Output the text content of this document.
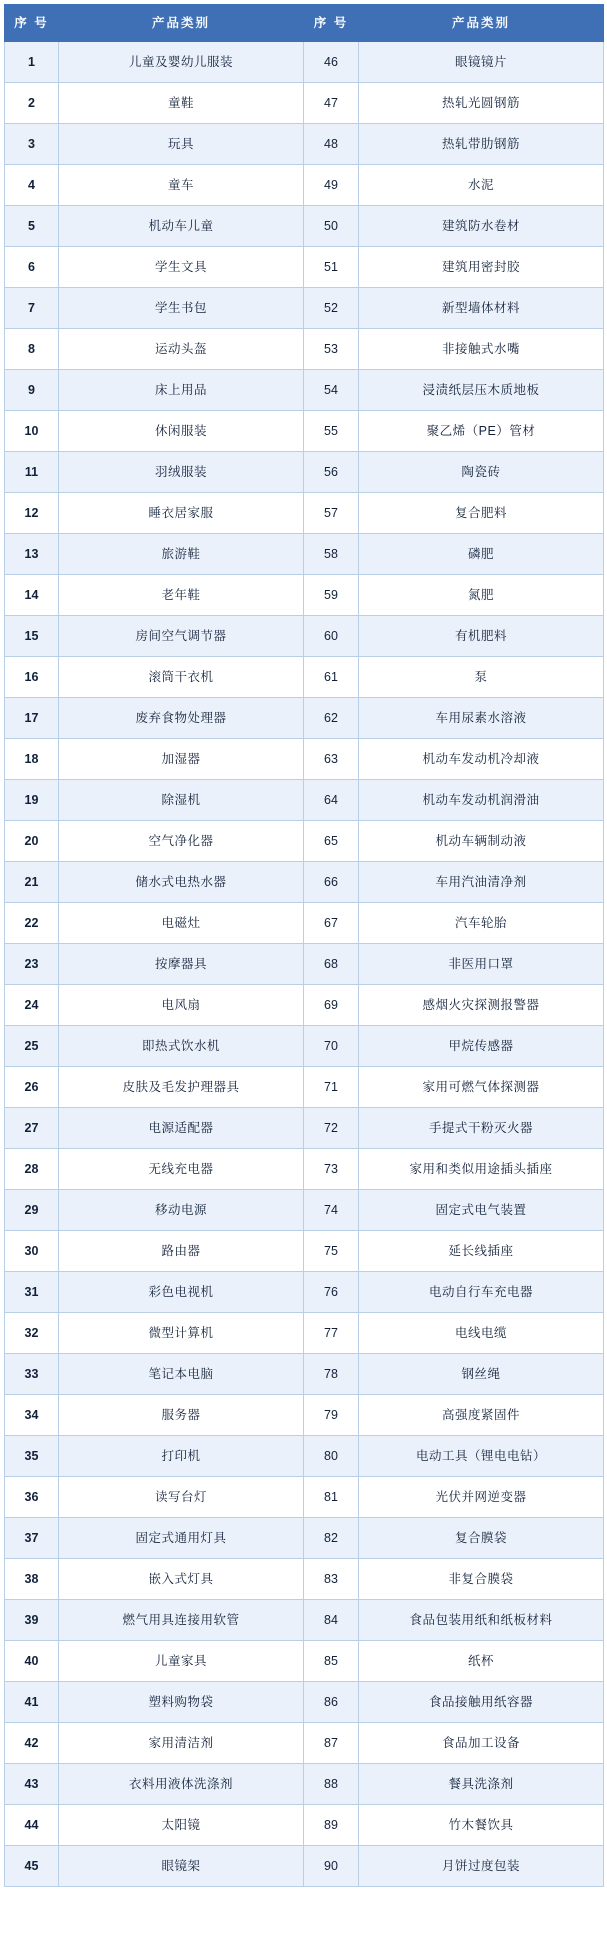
序 号	产品类别	序 号	产品类别
1	儿童及婴幼儿服装	46	眼镜镜片
2	童鞋	47	热轧光圆钢筋
3	玩具	48	热轧带肋钢筋
4	童车	49	水泥
5	机动车儿童	50	建筑防水卷材
6	学生文具	51	建筑用密封胶
7	学生书包	52	新型墙体材料
8	运动头盔	53	非接触式水嘴
9	床上用品	54	浸渍纸层压木质地板
10	休闲服装	55	聚乙烯（PE）管材
11	羽绒服装	56	陶瓷砖
12	睡衣居家服	57	复合肥料
13	旅游鞋	58	磷肥
14	老年鞋	59	氮肥
15	房间空气调节器	60	有机肥料
16	滚筒干衣机	61	泵
17	废弃食物处理器	62	车用尿素水溶液
18	加湿器	63	机动车发动机冷却液
19	除湿机	64	机动车发动机润滑油
20	空气净化器	65	机动车辆制动液
21	储水式电热水器	66	车用汽油清净剂
22	电磁灶	67	汽车轮胎
23	按摩器具	68	非医用口罩
24	电风扇	69	感烟火灾探测报警器
25	即热式饮水机	70	甲烷传感器
26	皮肤及毛发护理器具	71	家用可燃气体探测器
27	电源适配器	72	手提式干粉灭火器
28	无线充电器	73	家用和类似用途插头插座
29	移动电源	74	固定式电气装置
30	路由器	75	延长线插座
31	彩色电视机	76	电动自行车充电器
32	微型计算机	77	电线电缆
33	笔记本电脑	78	钢丝绳
34	服务器	79	高强度紧固件
35	打印机	80	电动工具（锂电电钻）
36	读写台灯	81	光伏并网逆变器
37	固定式通用灯具	82	复合膜袋
38	嵌入式灯具	83	非复合膜袋
39	燃气用具连接用软管	84	食品包装用纸和纸板材料
40	儿童家具	85	纸杯
41	塑料购物袋	86	食品接触用纸容器
42	家用清洁剂	87	食品加工设备
43	衣料用液体洗涤剂	88	餐具洗涤剂
44	太阳镜	89	竹木餐饮具
45	眼镜架	90	月饼过度包装
